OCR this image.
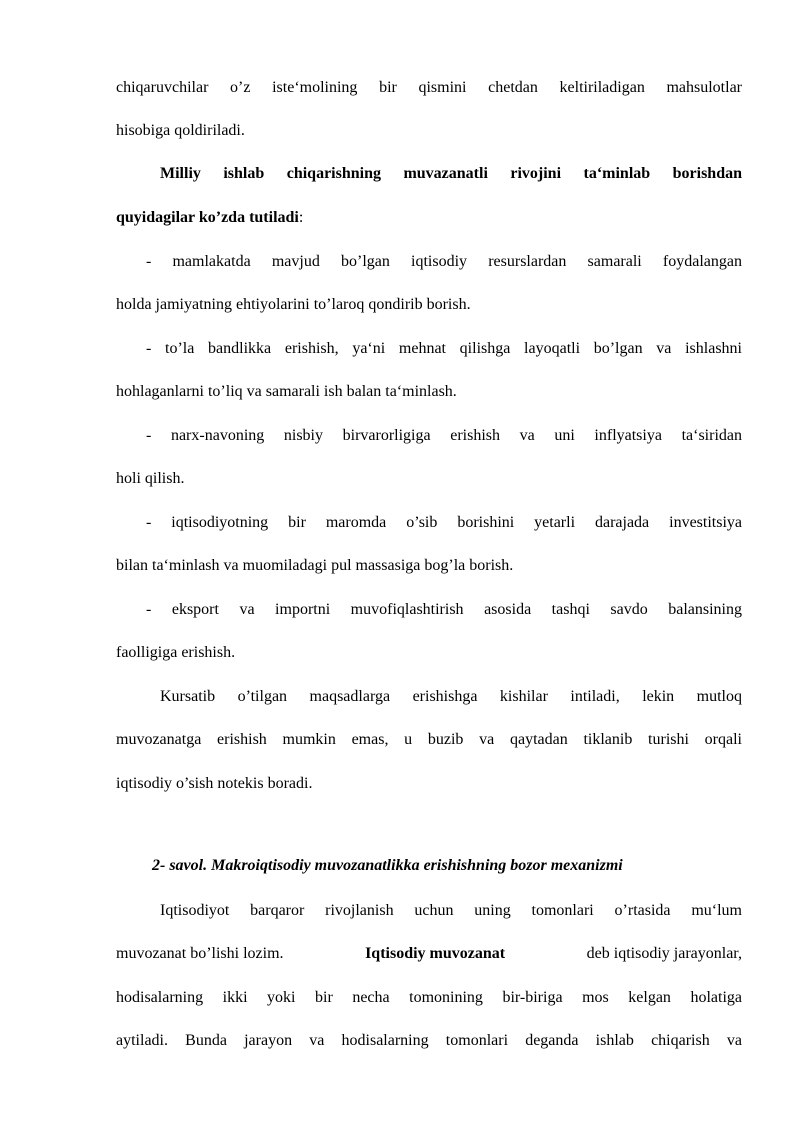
chiqaruvchilar o’z iste‘molining bir qismini chetdan keltiriladigan mahsulotlar
hisobiga qoldiriladi.
Milliy ishlab chiqarishning muvazanatli rivojini ta‘minlab borishdan
quyidagilar ko’zda tutiladi:
- mamlakatda mavjud bo’lgan iqtisodiy resurslardan samarali foydalangan
holda jamiyatning ehtiyolarini to’laroq qondirib borish.
- to’la bandlikka erishish, ya‘ni mehnat qilishga layoqatli bo’lgan va ishlashni
hohlaganlarni to’liq va samarali ish balan ta‘minlash.
- narx-navoning nisbiy birvarorligiga erishish va uni inflyatsiya ta‘siridan
holi qilish.
- iqtisodiyotning bir maromda o’sib borishini yetarli darajada investitsiya
bilan ta‘minlash va muomiladagi pul massasiga bog’la borish.
- eksport va importni muvofiqlashtirish asosida tashqi savdo balansining
faolligiga erishish.
Kursatib o’tilgan maqsadlarga erishishga kishilar intiladi, lekin mutloq
muvozanatga erishish mumkin emas, u buzib va qaytadan tiklanib turishi orqali
iqtisodiy o’sish notekis boradi.
2- savol. Makroiqtisodiy muvozanatlikka erishishning bozor mexanizmi
Iqtisodiyot barqaror rivojlanish uchun uning tomonlari o’rtasida mu‘lum
muvozanat bo’lishi lozim.	Iqtisodiy muvozanat	deb iqtisodiy jarayonlar,
hodisalarning ikki yoki bir necha tomonining bir-biriga mos kelgan holatiga
aytiladi. Bunda jarayon va hodisalarning tomonlari deganda ishlab chiqarish va
